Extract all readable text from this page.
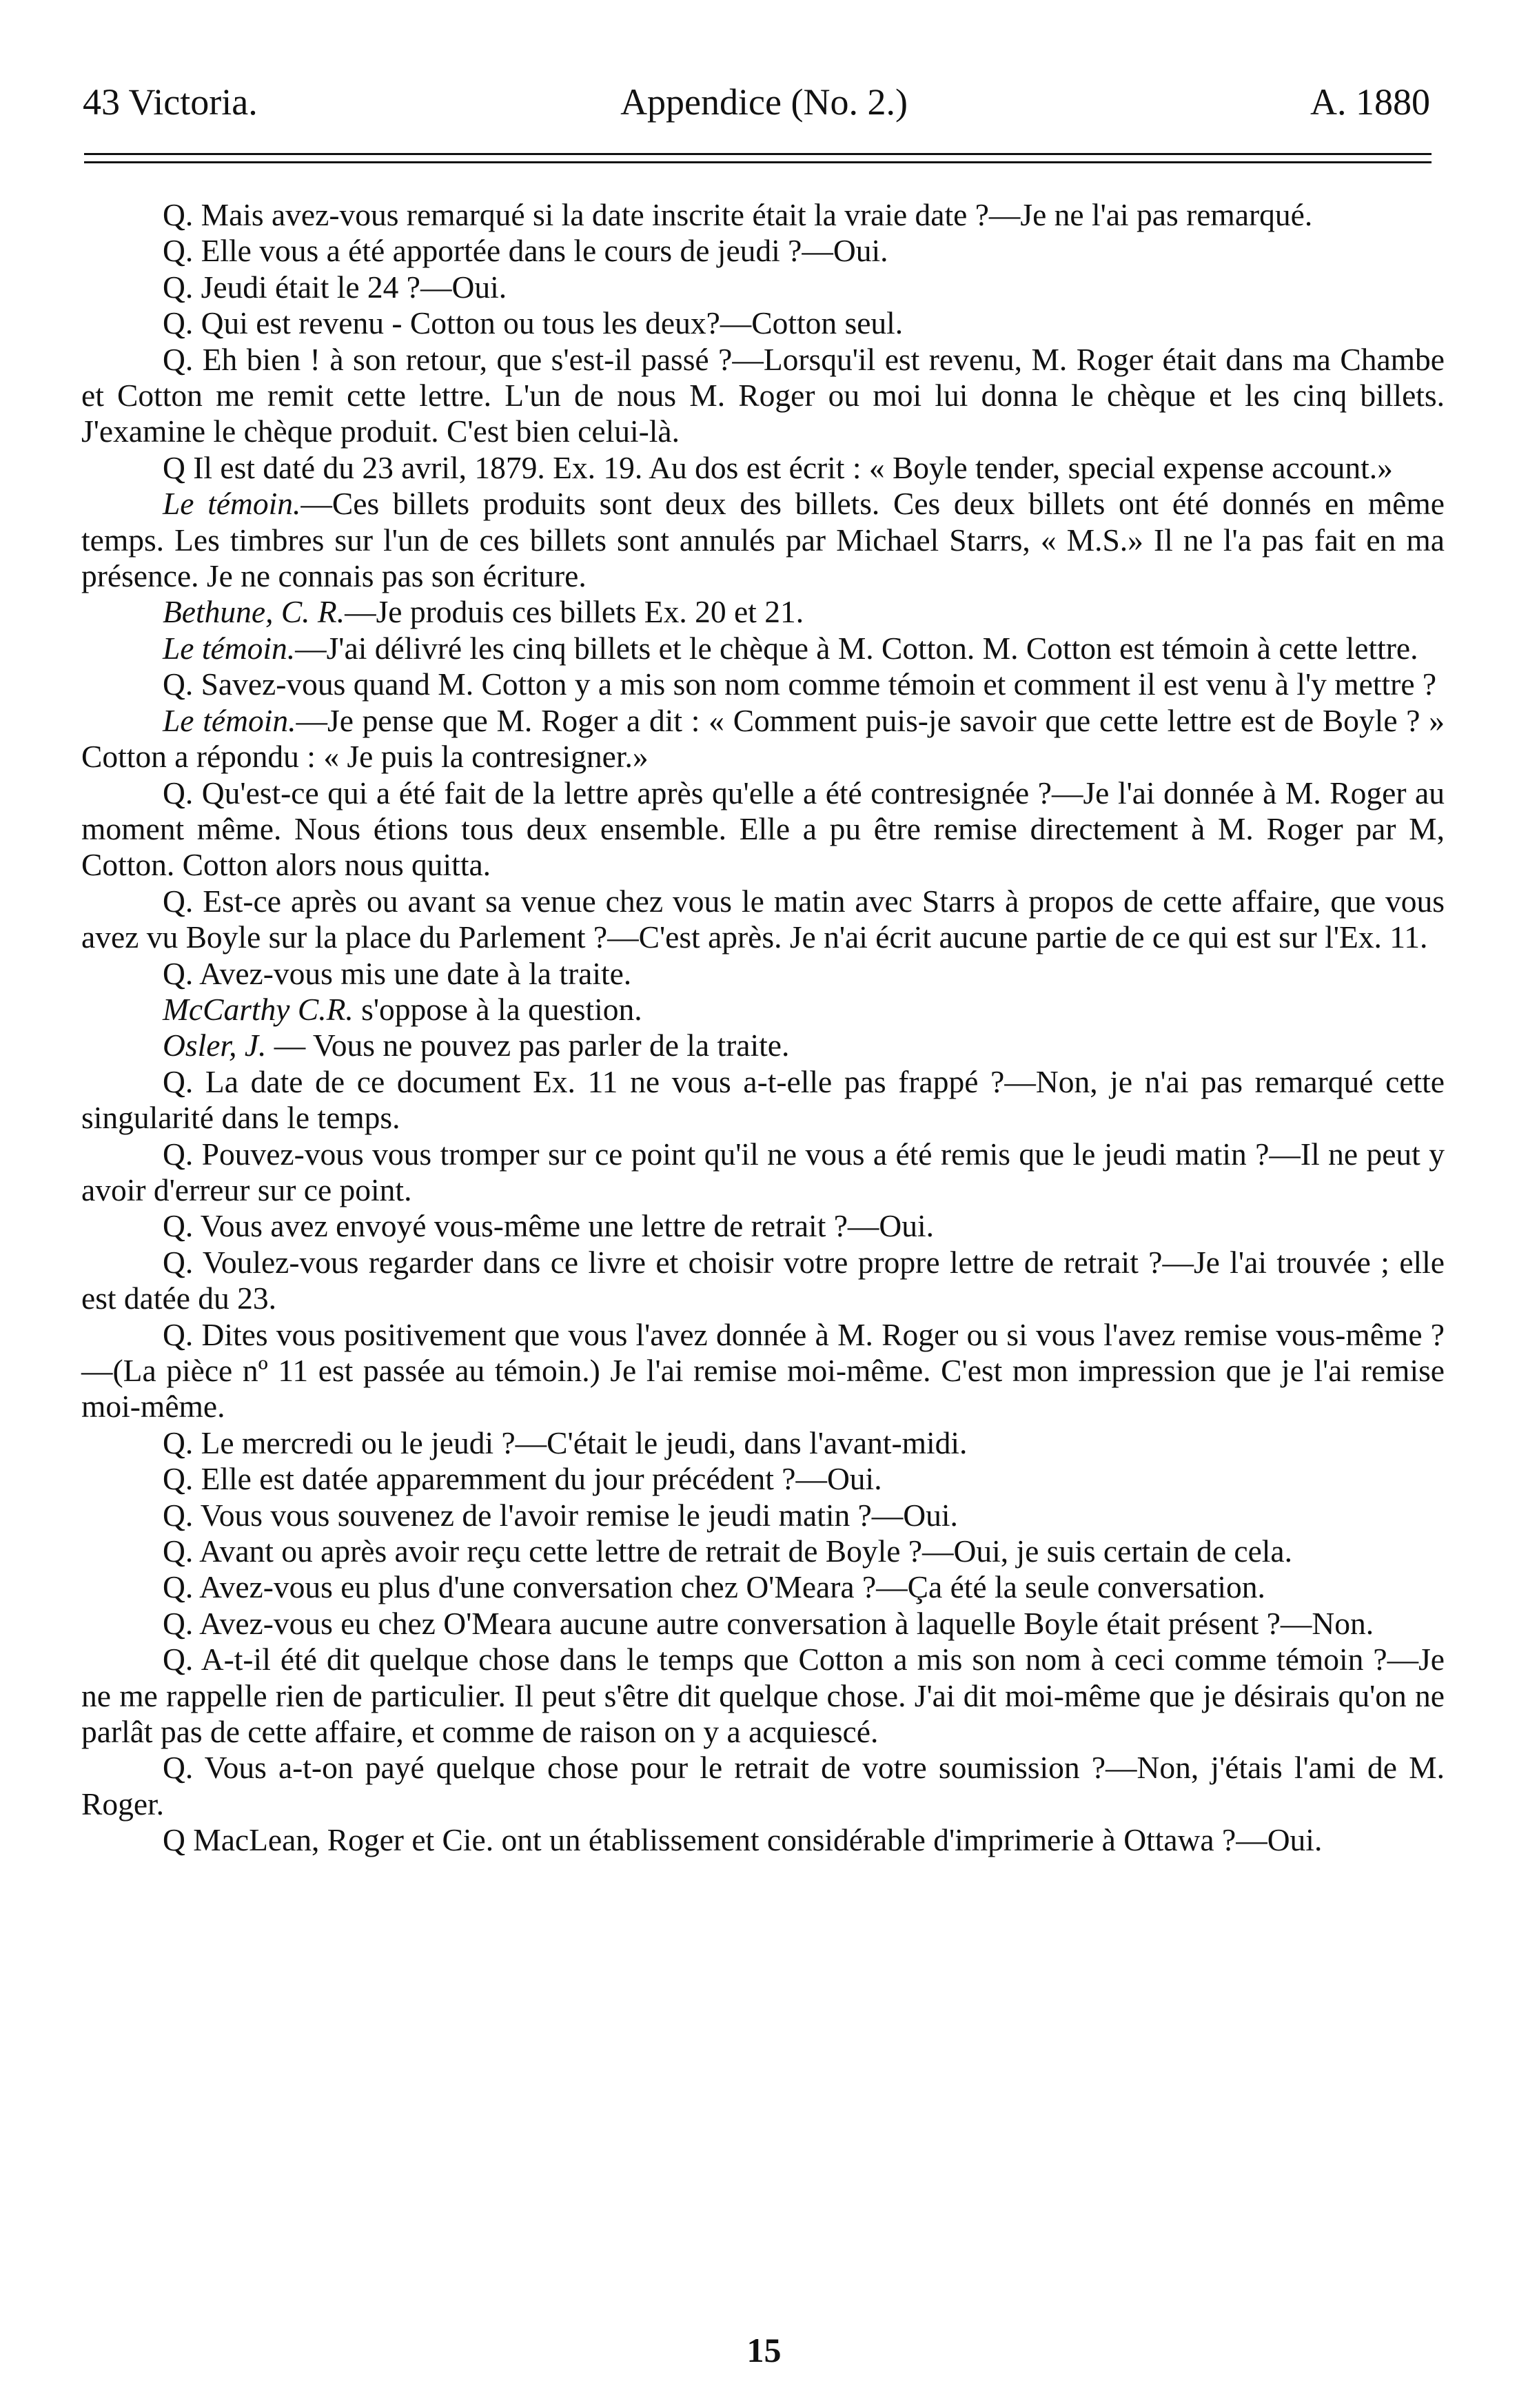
43 Victoria.	Appendice (No. 2.)	A. 1880

Q. Mais avez-vous remarqué si la date inscrite était la vraie date ?—Je ne l'ai pas remarqué.

Q. Elle vous a été apportée dans le cours de jeudi ?—Oui.

Q. Jeudi était le 24 ?—Oui.

Q. Qui est revenu - Cotton ou tous les deux?—Cotton seul.

Q. Eh bien ! à son retour, que s'est-il passé ?—Lorsqu'il est revenu, M. Roger était dans ma Chambe et Cotton me remit cette lettre. L'un de nous M. Roger ou moi lui donna le chèque et les cinq billets. J'examine le chèque produit. C'est bien celui-là.

Q Il est daté du 23 avril, 1879. Ex. 19. Au dos est écrit : « Boyle tender, special expense account.»

Le témoin.—Ces billets produits sont deux des billets. Ces deux billets ont été donnés en même temps. Les timbres sur l'un de ces billets sont annulés par Michael Starrs, « M.S.» Il ne l'a pas fait en ma présence. Je ne connais pas son écriture.

Bethune, C. R.—Je produis ces billets Ex. 20 et 21.

Le témoin.—J'ai délivré les cinq billets et le chèque à M. Cotton. M. Cotton est témoin à cette lettre.

Q. Savez-vous quand M. Cotton y a mis son nom comme témoin et comment il est venu à l'y mettre ?

Le témoin.—Je pense que M. Roger a dit : « Comment puis-je savoir que cette lettre est de Boyle ? » Cotton a répondu : « Je puis la contresigner.»

Q. Qu'est-ce qui a été fait de la lettre après qu'elle a été contresignée ?—Je l'ai donnée à M. Roger au moment même. Nous étions tous deux ensemble. Elle a pu être remise directement à M. Roger par M, Cotton. Cotton alors nous quitta.

Q. Est-ce après ou avant sa venue chez vous le matin avec Starrs à propos de cette affaire, que vous avez vu Boyle sur la place du Parlement ?—C'est après. Je n'ai écrit aucune partie de ce qui est sur l'Ex. 11.

Q. Avez-vous mis une date à la traite.

McCarthy C.R. s'oppose à la question.

Osler, J. — Vous ne pouvez pas parler de la traite.

Q. La date de ce document Ex. 11 ne vous a-t-elle pas frappé ?—Non, je n'ai pas remarqué cette singularité dans le temps.

Q. Pouvez-vous vous tromper sur ce point qu'il ne vous a été remis que le jeudi matin ?—Il ne peut y avoir d'erreur sur ce point.

Q. Vous avez envoyé vous-même une lettre de retrait ?—Oui.

Q. Voulez-vous regarder dans ce livre et choisir votre propre lettre de retrait ?—Je l'ai trouvée ; elle est datée du 23.

Q. Dites vous positivement que vous l'avez donnée à M. Roger ou si vous l'avez remise vous-même ?—(La pièce nº 11 est passée au témoin.) Je l'ai remise moi-même. C'est mon impression que je l'ai remise moi-même.

Q. Le mercredi ou le jeudi ?—C'était le jeudi, dans l'avant-midi.

Q. Elle est datée apparemment du jour précédent ?—Oui.

Q. Vous vous souvenez de l'avoir remise le jeudi matin ?—Oui.

Q. Avant ou après avoir reçu cette lettre de retrait de Boyle ?—Oui, je suis certain de cela.

Q. Avez-vous eu plus d'une conversation chez O'Meara ?—Ça été la seule conversation.

Q. Avez-vous eu chez O'Meara aucune autre conversation à laquelle Boyle était présent ?—Non.

Q. A-t-il été dit quelque chose dans le temps que Cotton a mis son nom à ceci comme témoin ?—Je ne me rappelle rien de particulier. Il peut s'être dit quelque chose. J'ai dit moi-même que je désirais qu'on ne parlât pas de cette affaire, et comme de raison on y a acquiescé.

Q. Vous a-t-on payé quelque chose pour le retrait de votre soumission ?—Non, j'étais l'ami de M. Roger.

Q MacLean, Roger et Cie. ont un établissement considérable d'imprimerie à Ottawa ?—Oui.

15
